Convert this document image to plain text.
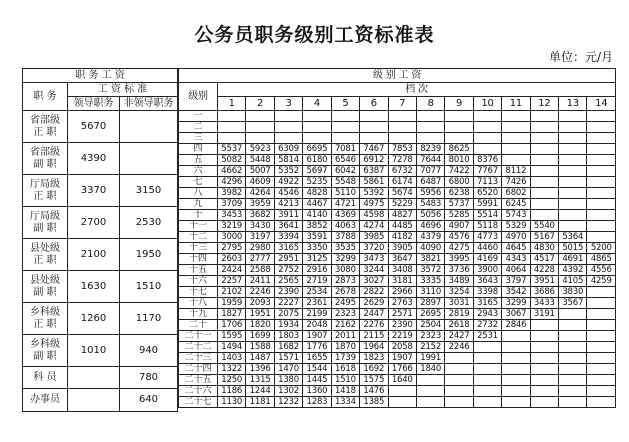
公务员职务级别工资标准表
单位：元/月
职 务 工 资		
职 务	工 资 标 准	
	领导职务	非领导职务
省部级
正 职	5670	
省部级
副 职	4390	
厅局级
正 职	3370	3150
厅局级
副 职	2700	2530
县处级
正 职	2100	1950
县处级
副 职	1630	1510
乡科级
正 职	1260	1170
乡科级
副 职	1010	940
科 员		780
办事员		640
级 别 工 资														
级别	档 次													
	1	2	3	4	5	6	7	8	9	10	11	12	13	14
一														
二														
三														
四	5537	5923	6309	6695	7081	7467	7853	8239	8625					
五	5082	5448	5814	6180	6546	6912	7278	7644	8010	8376				
六	4662	5007	5352	5697	6042	6387	6732	7077	7422	7767	8112			
七	4296	4609	4922	5235	5548	5861	6174	6487	6800	7113	7426			
八	3982	4264	4546	4828	5110	5392	5674	5956	6238	6520	6802			
九	3709	3959	4213	4467	4721	4975	5229	5483	5737	5991	6245			
十	3453	3682	3911	4140	4369	4598	4827	5056	5285	5514	5743			
十一	3219	3430	3641	3852	4063	4274	4485	4696	4907	5118	5329	5540		
十二	3000	3197	3394	3591	3788	3985	4182	4379	4576	4773	4970	5167	5364	
十三	2795	2980	3165	3350	3535	3720	3905	4090	4275	4460	4645	4830	5015	5200
十四	2603	2777	2951	3125	3299	3473	3647	3821	3995	4169	4343	4517	4691	4865
十五	2424	2588	2752	2916	3080	3244	3408	3572	3736	3900	4064	4228	4392	4556
十六	2257	2411	2565	2719	2873	3027	3181	3335	3489	3643	3797	3951	4105	4259
十七	2102	2246	2390	2534	2678	2822	2966	3110	3254	3398	3542	3686	3830	
十八	1959	2093	2227	2361	2495	2629	2763	2897	3031	3165	3299	3433	3567	
十九	1827	1951	2075	2199	2323	2447	2571	2695	2819	2943	3067	3191		
二十	1706	1820	1934	2048	2162	2276	2390	2504	2618	2732	2846			
二十一	1595	1699	1803	1907	2011	2115	2219	2323	2427	2531				
二十二	1494	1588	1682	1776	1870	1964	2058	2152	2246					
二十三	1403	1487	1571	1655	1739	1823	1907	1991						
二十四	1322	1396	1470	1544	1618	1692	1766	1840						
二十五	1250	1315	1380	1445	1510	1575	1640							
二十六	1186	1244	1302	1360	1418	1476								
二十七	1130	1181	1232	1283	1334	1385								
